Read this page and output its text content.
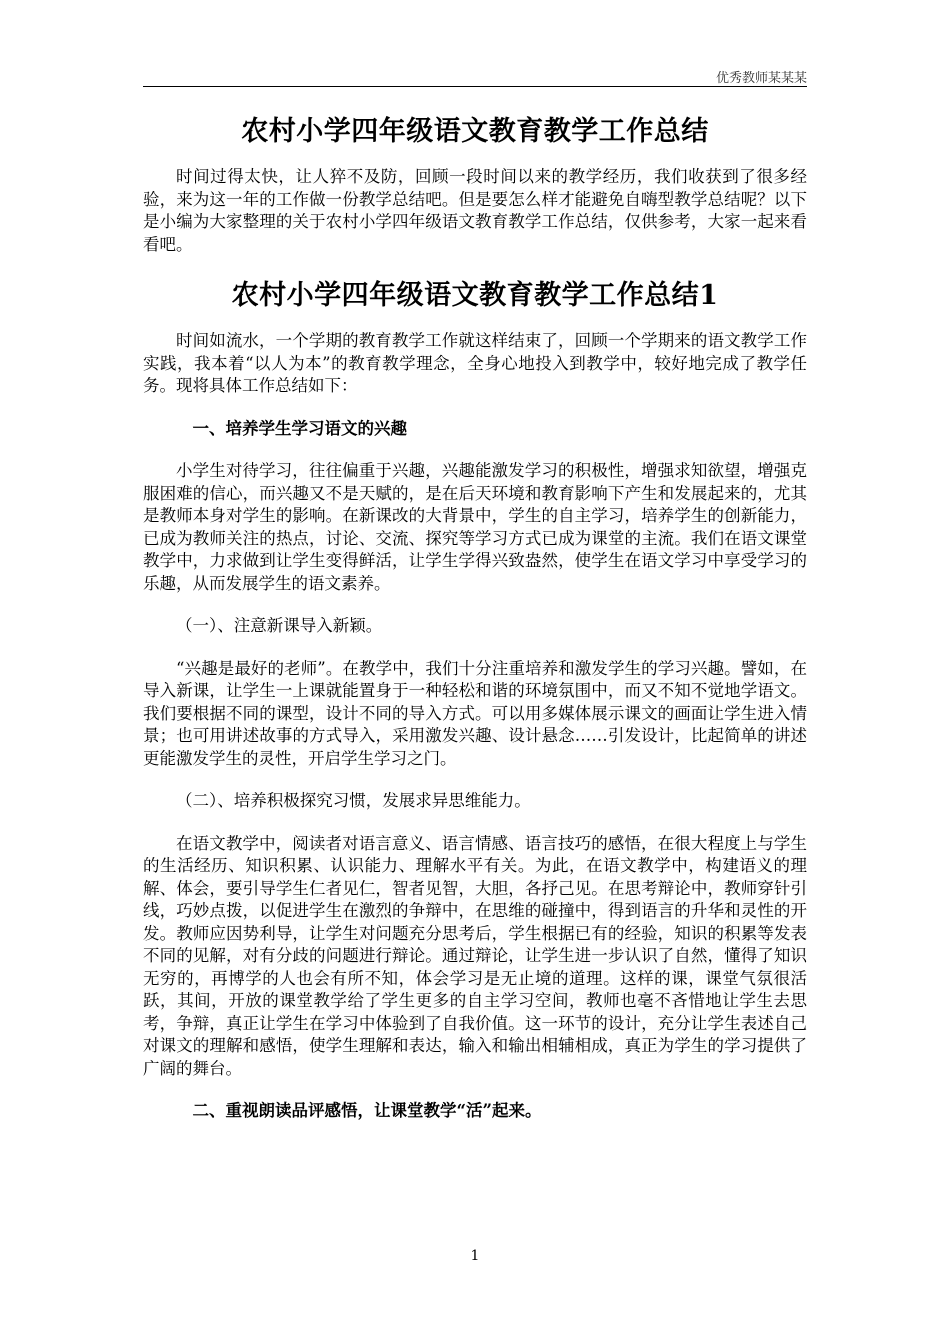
优秀教师某某某
农村小学四年级语文教育教学工作总结

时间过得太快，让人猝不及防，回顾一段时间以来的教学经历，我们收获到了很多经验，来为这一年的工作做一份教学总结吧。但是要怎么样才能避免自嗨型教学总结呢？以下是小编为大家整理的关于农村小学四年级语文教育教学工作总结，仅供参考，大家一起来看看吧。

农村小学四年级语文教育教学工作总结1

时间如流水，一个学期的教育教学工作就这样结束了，回顾一个学期来的语文教学工作实践，我本着“以人为本”的教育教学理念，全身心地投入到教学中，较好地完成了教学任务。现将具体工作总结如下：

一、培养学生学习语文的兴趣

小学生对待学习，往往偏重于兴趣，兴趣能激发学习的积极性，增强求知欲望，增强克服困难的信心，而兴趣又不是天赋的，是在后天环境和教育影响下产生和发展起来的，尤其是教师本身对学生的影响。在新课改的大背景中，学生的自主学习，培养学生的创新能力，已成为教师关注的热点，讨论、交流、探究等学习方式已成为课堂的主流。我们在语文课堂教学中，力求做到让学生变得鲜活，让学生学得兴致盎然，使学生在语文学习中享受学习的乐趣，从而发展学生的语文素养。

（一）、注意新课导入新颖。

“兴趣是最好的老师”。在教学中，我们十分注重培养和激发学生的学习兴趣。譬如，在导入新课，让学生一上课就能置身于一种轻松和谐的环境氛围中，而又不知不觉地学语文。我们要根据不同的课型，设计不同的导入方式。可以用多媒体展示课文的画面让学生进入情景；也可用讲述故事的方式导入，采用激发兴趣、设计悬念……引发设计，比起简单的讲述更能激发学生的灵性，开启学生学习之门。

（二）、培养积极探究习惯，发展求异思维能力。

在语文教学中，阅读者对语言意义、语言情感、语言技巧的感悟，在很大程度上与学生的生活经历、知识积累、认识能力、理解水平有关。为此，在语文教学中，构建语义的理解、体会，要引导学生仁者见仁，智者见智，大胆，各抒己见。在思考辩论中，教师穿针引线，巧妙点拨，以促进学生在激烈的争辩中，在思维的碰撞中，得到语言的升华和灵性的开发。教师应因势利导，让学生对问题充分思考后，学生根据已有的经验，知识的积累等发表不同的见解，对有分歧的问题进行辩论。通过辩论，让学生进一步认识了自然，懂得了知识无穷的，再博学的人也会有所不知，体会学习是无止境的道理。这样的课，课堂气氛很活跃，其间，开放的课堂教学给了学生更多的自主学习空间，教师也毫不吝惜地让学生去思考，争辩，真正让学生在学习中体验到了自我价值。这一环节的设计，充分让学生表述自己对课文的理解和感悟，使学生理解和表达，输入和输出相辅相成，真正为学生的学习提供了广阔的舞台。

二、重视朗读品评感悟，让课堂教学“活”起来。
1
